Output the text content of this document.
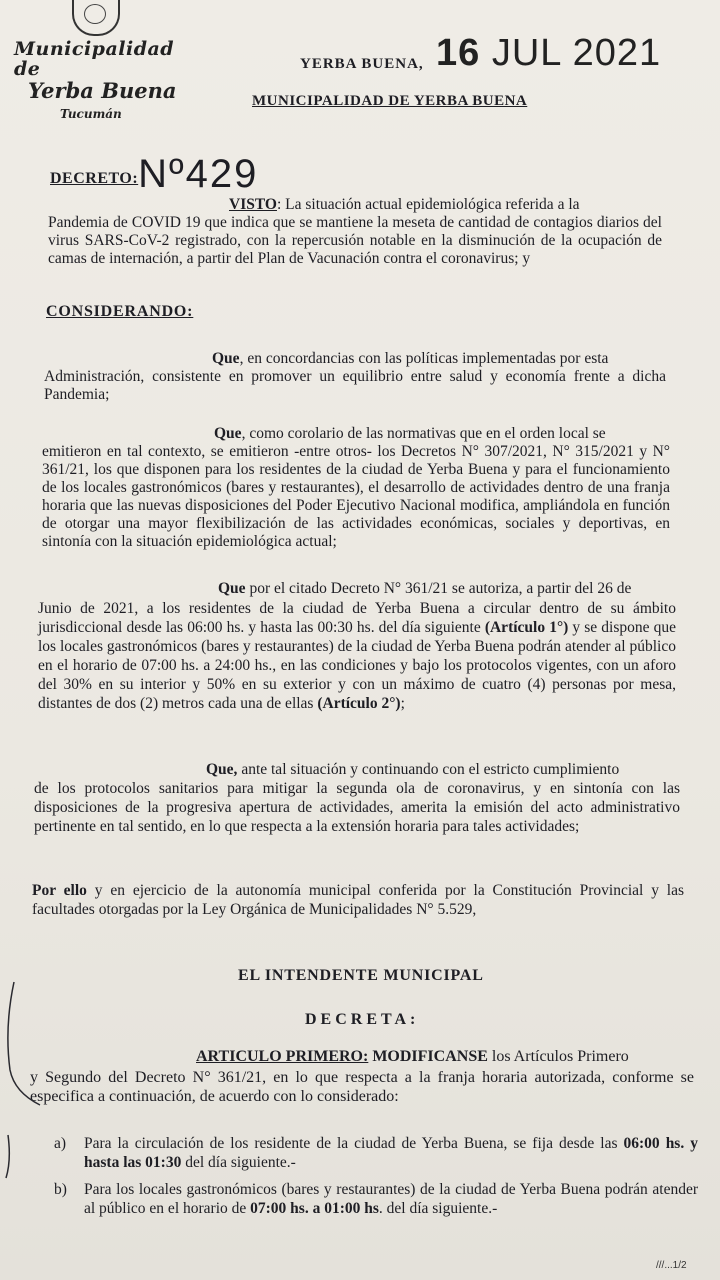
Municipalidad de
Yerba Buena
Tucumán
YERBA BUENA, 16 JUL 2021
MUNICIPALIDAD DE YERBA BUENA
DECRETO:Nº429

VISTO: La situación actual epidemiológica referida a la

Pandemia de COVID 19 que indica que se mantiene la meseta de cantidad de contagios diarios del virus SARS-CoV-2 registrado, con la repercusión notable en la disminución de la ocupación de camas de internación, a partir del Plan de Vacunación contra el coronavirus; y

CONSIDERANDO:

Que, en concordancias con las políticas implementadas por esta

Administración, consistente en promover un equilibrio entre salud y economía frente a dicha Pandemia;

Que, como corolario de las normativas que en el orden local se

emitieron en tal contexto, se emitieron -entre otros- los Decretos N° 307/2021, N° 315/2021 y N° 361/21, los que disponen para los residentes de la ciudad de Yerba Buena y para el funcionamiento de los locales gastronómicos (bares y restaurantes), el desarrollo de actividades dentro de una franja horaria que las nuevas disposiciones del Poder Ejecutivo Nacional modifica, ampliándola en función de otorgar una mayor flexibilización de las actividades económicas, sociales y deportivas, en sintonía con la situación epidemiológica actual;

Que por el citado Decreto N° 361/21 se autoriza, a partir del 26 de

Junio de 2021, a los residentes de la ciudad de Yerba Buena a circular dentro de su ámbito jurisdiccional desde las 06:00 hs. y hasta las 00:30 hs. del día siguiente (Artículo 1°) y se dispone que los locales gastronómicos (bares y restaurantes) de la ciudad de Yerba Buena podrán atender al público en el horario de 07:00 hs. a 24:00 hs., en las condiciones y bajo los protocolos vigentes, con un aforo del 30% en su interior y 50% en su exterior y con un máximo de cuatro (4) personas por mesa, distantes de dos (2) metros cada una de ellas (Artículo 2°);

Que, ante tal situación y continuando con el estricto cumplimiento

de los protocolos sanitarios para mitigar la segunda ola de coronavirus, y en sintonía con las disposiciones de la progresiva apertura de actividades, amerita la emisión del acto administrativo pertinente en tal sentido, en lo que respecta a la extensión horaria para tales actividades;

Por ello y en ejercicio de la autonomía municipal conferida por la Constitución Provincial y las facultades otorgadas por la Ley Orgánica de Municipalidades N° 5.529,

EL INTENDENTE MUNICIPAL
DECRETA:

ARTICULO PRIMERO: MODIFICANSE los Artículos Primero

y Segundo del Decreto N° 361/21, en lo que respecta a la franja horaria autorizada, conforme se especifica a continuación, de acuerdo con lo considerado:

a) Para la circulación de los residente de la ciudad de Yerba Buena, se fija desde las 06:00 hs. y hasta las 01:30 del día siguiente.-
b) Para los locales gastronómicos (bares y restaurantes) de la ciudad de Yerba Buena podrán atender al público en el horario de 07:00 hs. a 01:00 hs. del día siguiente.-
///...1/2
